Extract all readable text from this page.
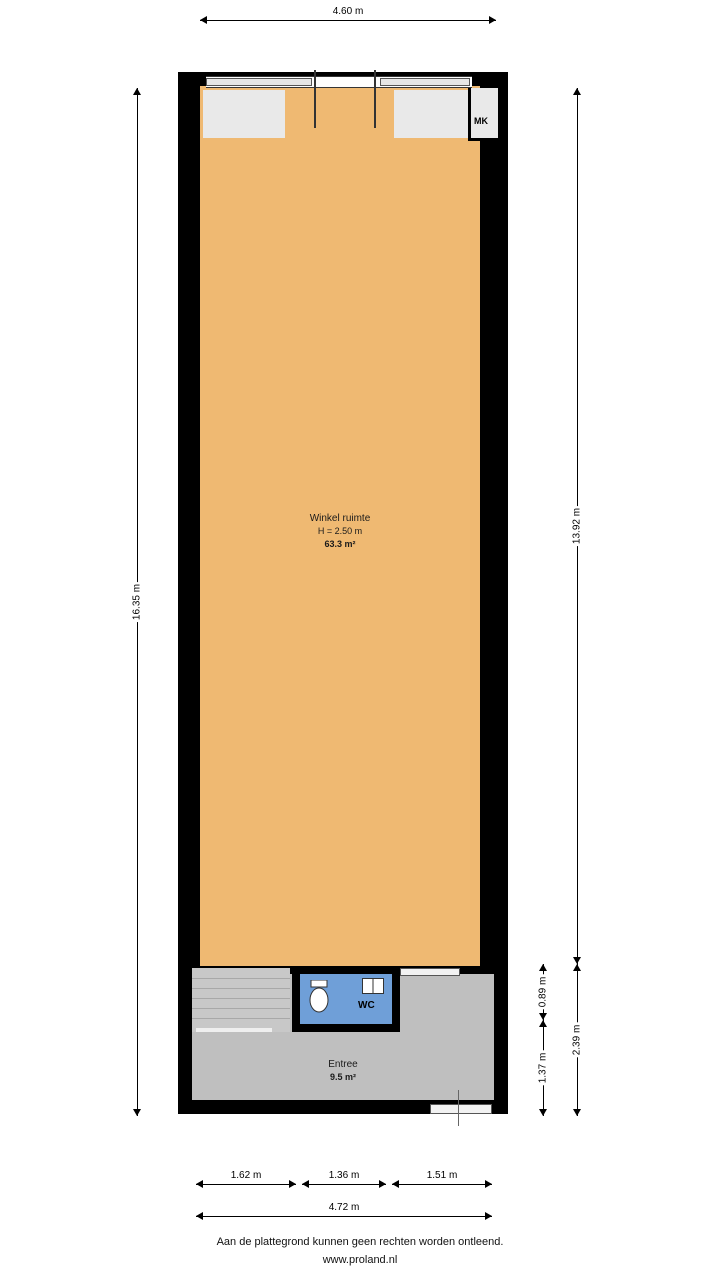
4.60 m
16.35 m
13.92 m
2.39 m
0.89 m
1.37 m
MK
Winkel ruimte
H = 2.50 m
63.3 m²
WC
Entree
9.5 m²
1.62 m	1.36 m	1.51 m
4.72 m
Aan de plattegrond kunnen geen rechten worden ontleend.
www.proland.nl
